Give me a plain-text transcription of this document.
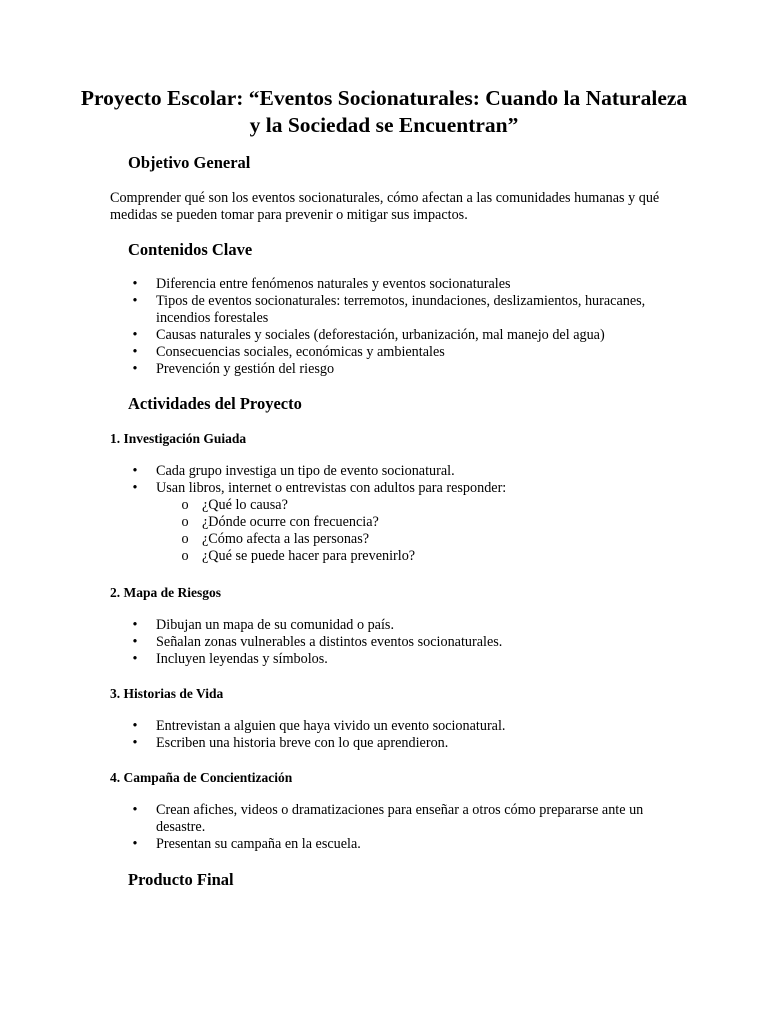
Proyecto Escolar: “Eventos Socionaturales: Cuando la Naturaleza y la Sociedad se Encuentran”
Objetivo General
Comprender qué son los eventos socionaturales, cómo afectan a las comunidades humanas y qué medidas se pueden tomar para prevenir o mitigar sus impactos.
Contenidos Clave
• Diferencia entre fenómenos naturales y eventos socionaturales
• Tipos de eventos socionaturales: terremotos, inundaciones, deslizamientos, huracanes, incendios forestales
• Causas naturales y sociales (deforestación, urbanización, mal manejo del agua)
• Consecuencias sociales, económicas y ambientales
• Prevención y gestión del riesgo
Actividades del Proyecto
1. Investigación Guiada
• Cada grupo investiga un tipo de evento socionatural.
• Usan libros, internet o entrevistas con adultos para responder:
o ¿Qué lo causa?
o ¿Dónde ocurre con frecuencia?
o ¿Cómo afecta a las personas?
o ¿Qué se puede hacer para prevenirlo?
2. Mapa de Riesgos
• Dibujan un mapa de su comunidad o país.
• Señalan zonas vulnerables a distintos eventos socionaturales.
• Incluyen leyendas y símbolos.
3. Historias de Vida
• Entrevistan a alguien que haya vivido un evento socionatural.
• Escriben una historia breve con lo que aprendieron.
4. Campaña de Concientización
• Crean afiches, videos o dramatizaciones para enseñar a otros cómo prepararse ante un desastre.
• Presentan su campaña en la escuela.
Producto Final
